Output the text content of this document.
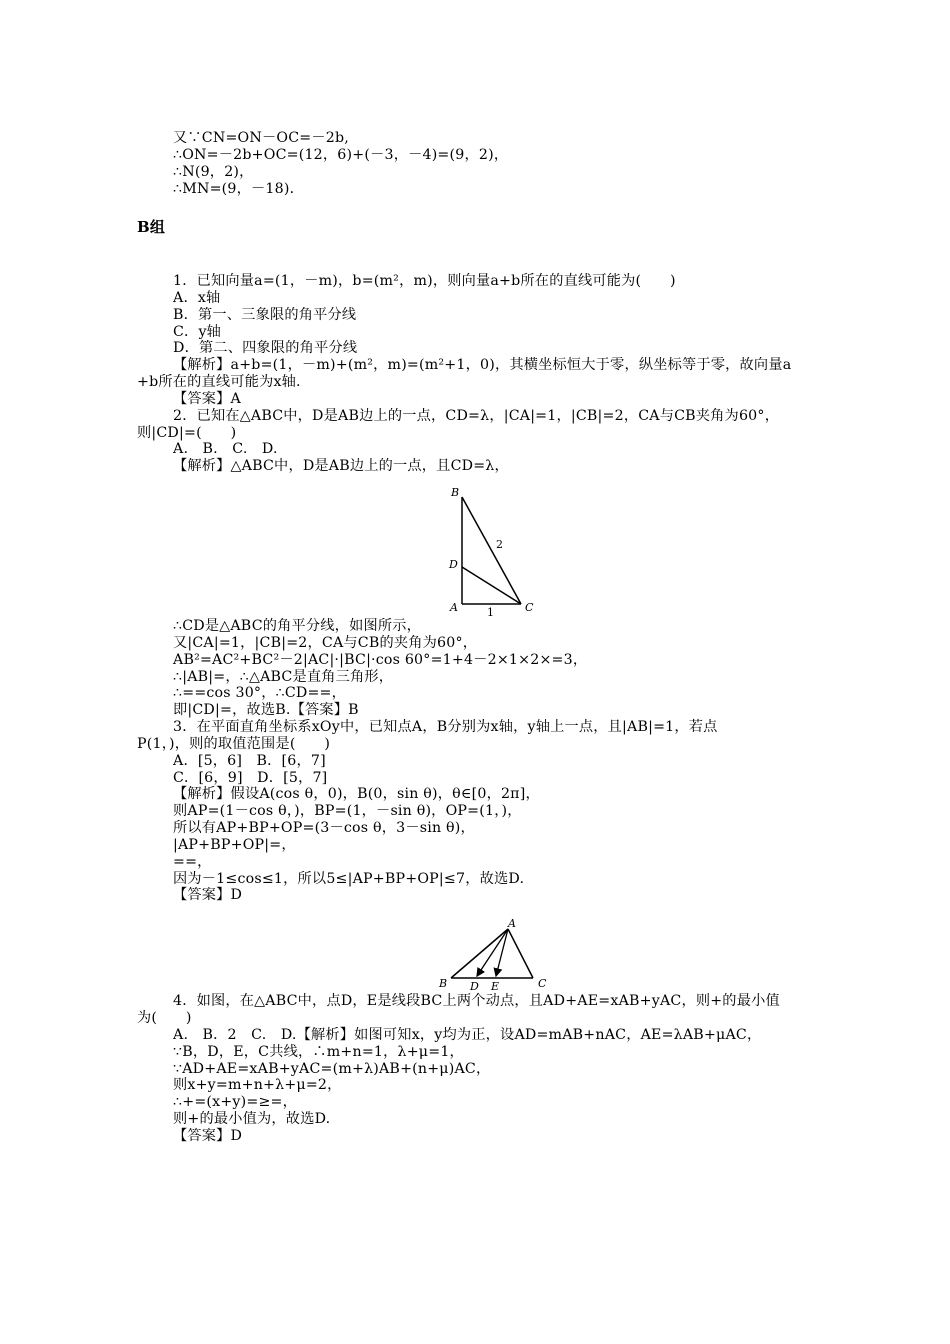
又∵CN=ON－OC=－2b,
∴ON=－2b+OC=(12，6)+(－3，－4)=(9，2)，
∴N(9，2)，
∴MN=(9，－18)．
B组
1．已知向量a=(1，－m)，b=(m²，m)，则向量a+b所在的直线可能为(　　)
A．x轴
B．第一、三象限的角平分线
C．y轴
D．第二、四象限的角平分线
【解析】a+b=(1，－m)+(m²，m)=(m²+1，0)，其横坐标恒大于零，纵坐标等于零，故向量a
+b所在的直线可能为x轴.
【答案】A
2．已知在△ABC中，D是AB边上的一点，CD=λ，|CA|=1，|CB|=2，CA与CB夹角为60°，
则|CD|=(　　)
A.　B.　C.　D.
【解析】△ABC中，D是AB边上的一点，且CD=λ，
B
D
A	C
2
1
∴CD是△ABC的角平分线，如图所示，
又|CA|=1，|CB|=2，CA与CB的夹角为60°，
AB²=AC²+BC²－2|AC|·|BC|·cos 60°=1+4－2×1×2×=3，
∴|AB|=，∴△ABC是直角三角形，
∴==cos 30°，∴CD==，
即|CD|=，故选B.【答案】B
3．在平面直角坐标系xOy中，已知点A，B分别为x轴，y轴上一点，且|AB|=1，若点
P(1，)，则的取值范围是(　　)
A．[5，6]　B．[6，7]
C．[6，9]　D．[5，7]
【解析】假设A(cos θ，0)，B(0，sin θ)，θ∈[0，2π]，
则AP=(1－cos θ，)，BP=(1，－sin θ)，OP=(1，)，
所以有AP+BP+OP=(3－cos θ，3－sin θ)，
|AP+BP+OP|=，
==，
因为－1≤cos≤1，所以5≤|AP+BP+OP|≤7，故选D.
【答案】D
A
B D E	C
4．如图，在△ABC中，点D，E是线段BC上两个动点，且AD+AE=xAB+yAC，则+的最小值
为(　　)
A.　B．2　C.　D.【解析】如图可知x，y均为正，设AD=mAB+nAC，AE=λAB+μAC，
∵B，D，E，C共线，∴m+n=1，λ+μ=1，
∵AD+AE=xAB+yAC=(m+λ)AB+(n+μ)AC，
则x+y=m+n+λ+μ=2，
∴+=(x+y)=≥=，
则+的最小值为，故选D.
【答案】D
